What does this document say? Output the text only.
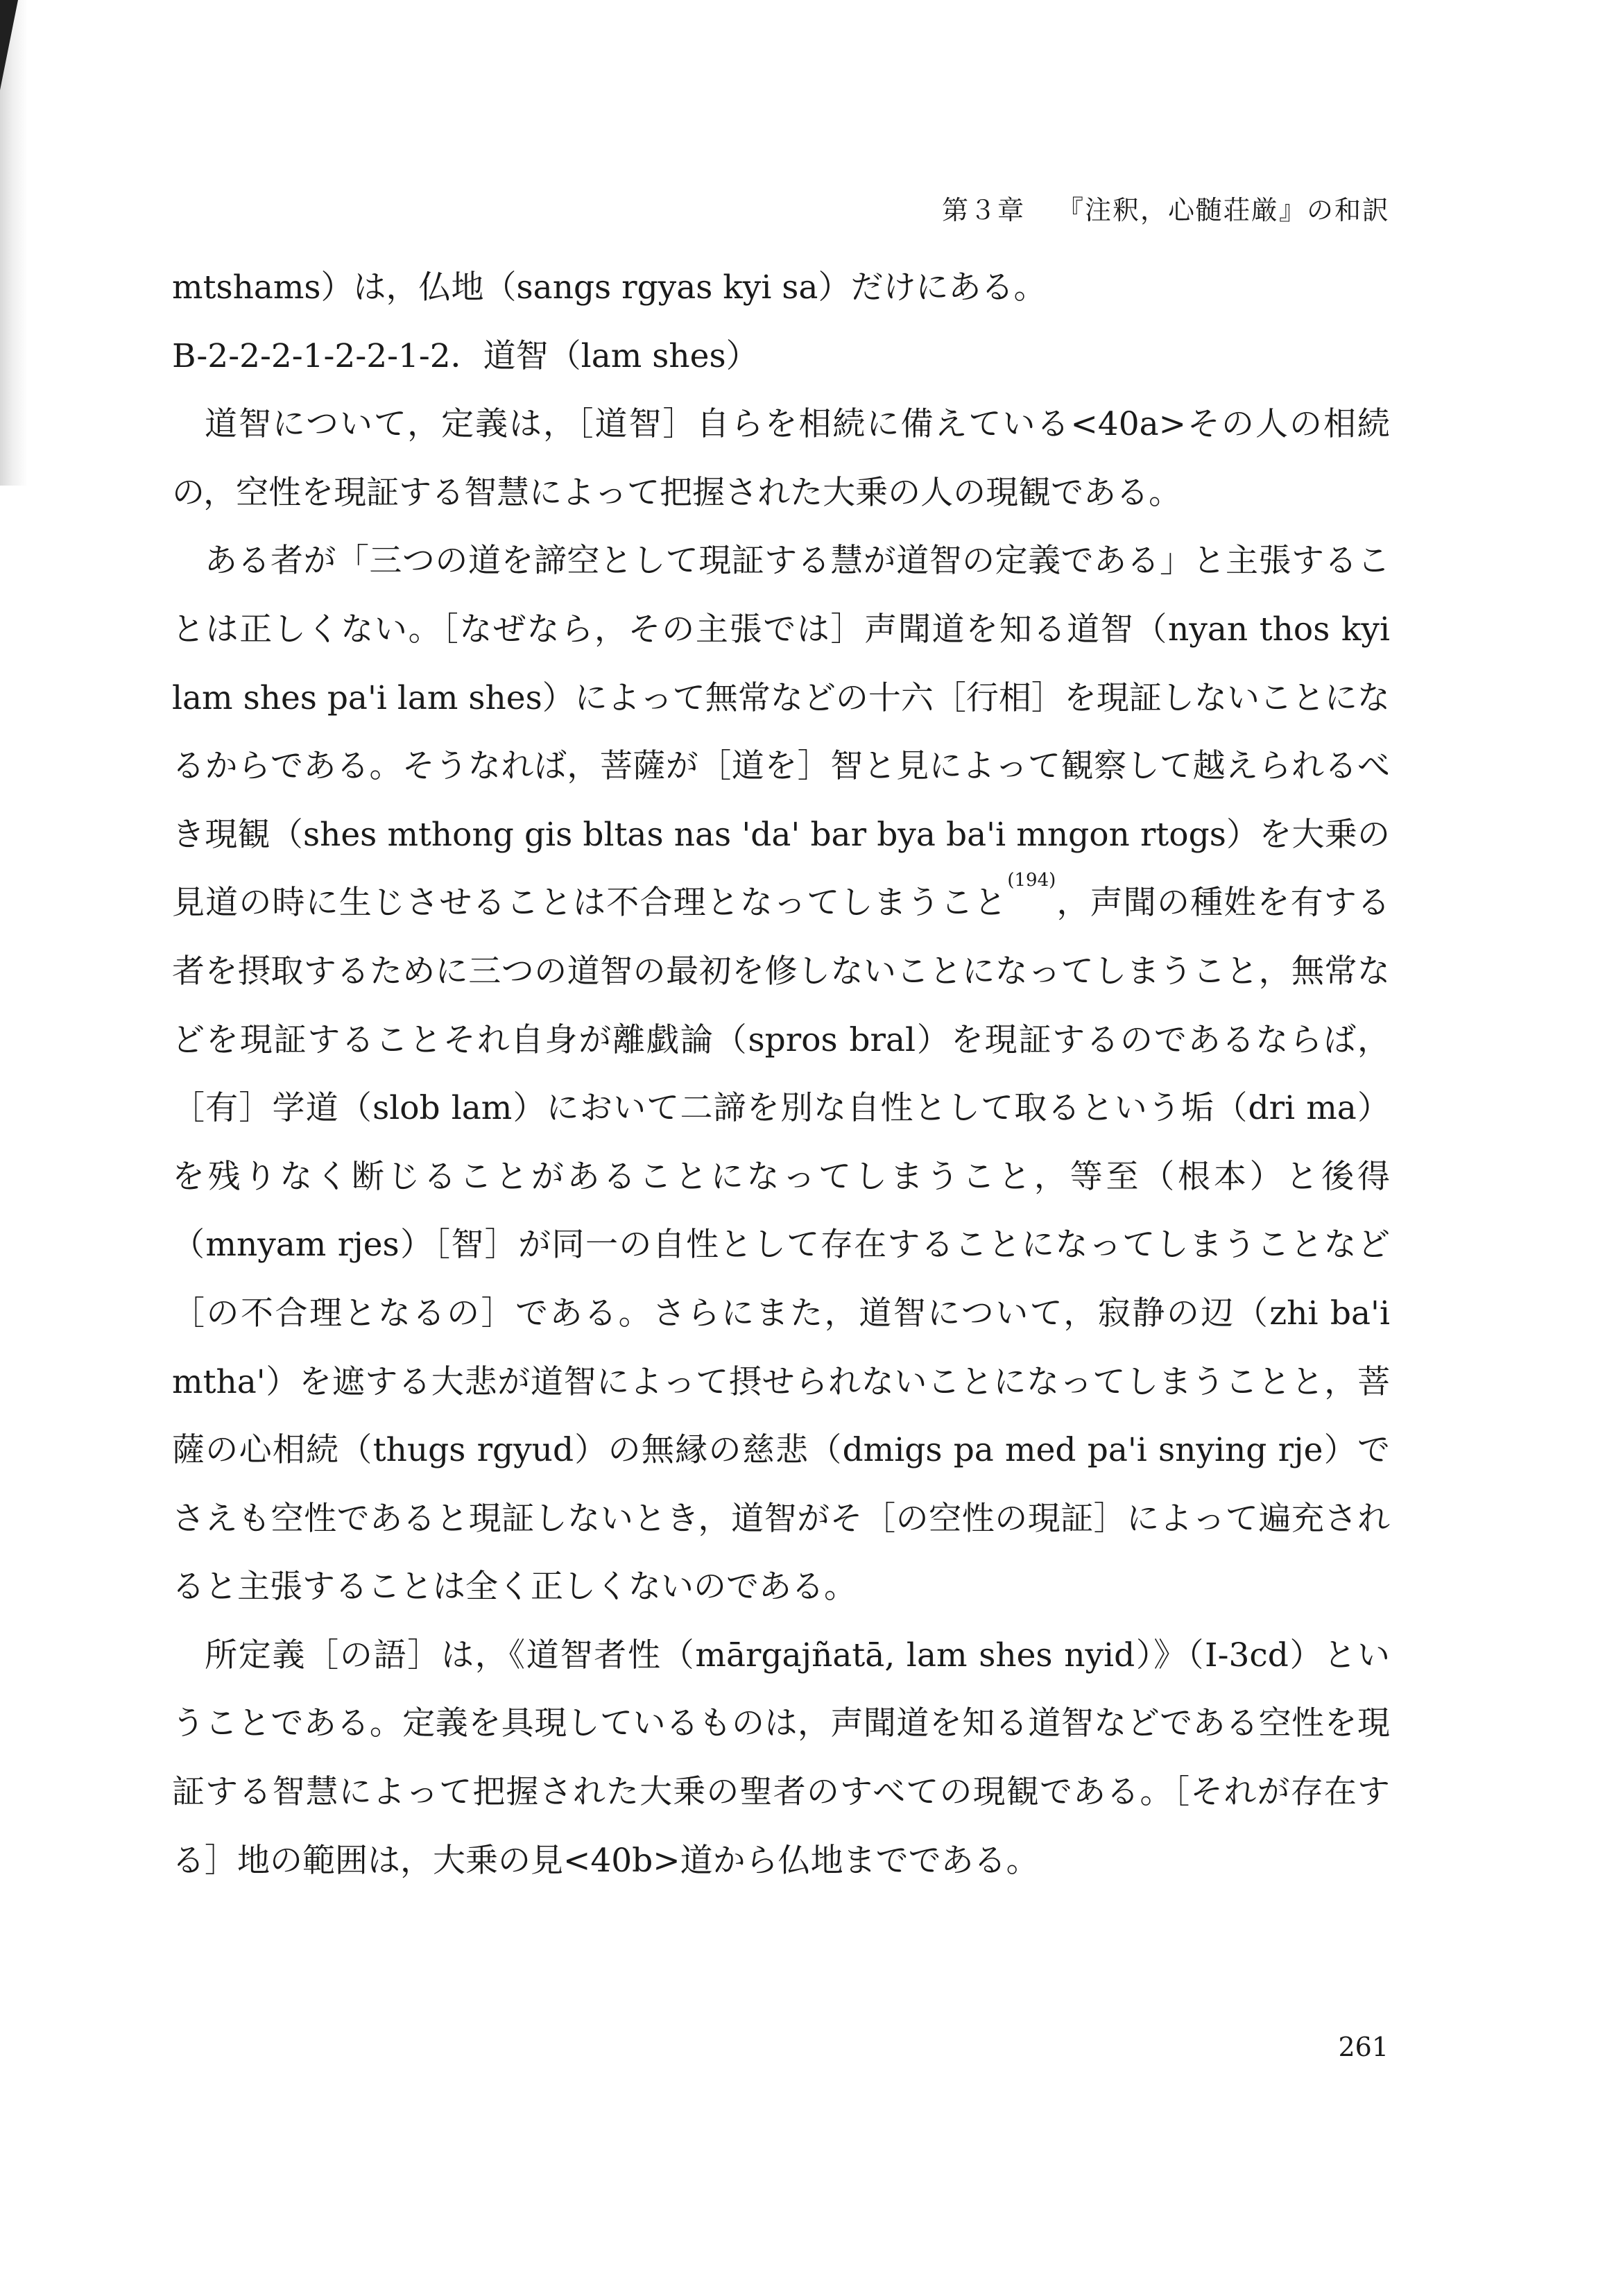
第３章 『注釈，心髄荘厳』の和訳

mtshams）は，仏地（sangs rgyas kyi sa）だけにある。

B-2-2-2-1-2-2-1-2．道智（lam shes）

道智について，定義は，［道智］自らを相続に備えている<40a>その人の相続の，空性を現証する智慧によって把握された大乗の人の現観である。

ある者が「三つの道を諦空として現証する慧が道智の定義である」と主張することは正しくない。［なぜなら，その主張では］声聞道を知る道智（nyan thos kyi lam shes pa'i lam shes）によって無常などの十六［行相］を現証しないことになるからである。そうなれば，菩薩が［道を］智と見によって観察して越えられるべき現観（shes mthong gis bltas nas 'da' bar bya ba'i mngon rtogs）を大乗の見道の時に生じさせることは不合理となってしまうこと$^{(194)}$，声聞の種姓を有する者を摂取するために三つの道智の最初を修しないことになってしまうこと，無常などを現証することそれ自身が離戯論（spros bral）を現証するのであるならば，［有］学道（slob lam）において二諦を別な自性として取るという垢（dri ma）を残りなく断じることがあることになってしまうこと，等至（根本）と後得（mnyam rjes）［智］が同一の自性として存在することになってしまうことなど［の不合理となるの］である。さらにまた，道智について，寂静の辺（zhi ba'i mtha'）を遮する大悲が道智によって摂せられないことになってしまうことと，菩薩の心相続（thugs rgyud）の無縁の慈悲（dmigs pa med pa'i snying rje）でさえも空性であると現証しないとき，道智がそ［の空性の現証］によって遍充されると主張することは全く正しくないのである。

所定義［の語］は，《道智者性（mārgajñatā, lam shes nyid）》（I-3cd）ということである。定義を具現しているものは，声聞道を知る道智などである空性を現証する智慧によって把握された大乗の聖者のすべての現観である。［それが存在する］地の範囲は，大乗の見<40b>道から仏地までである。

261
